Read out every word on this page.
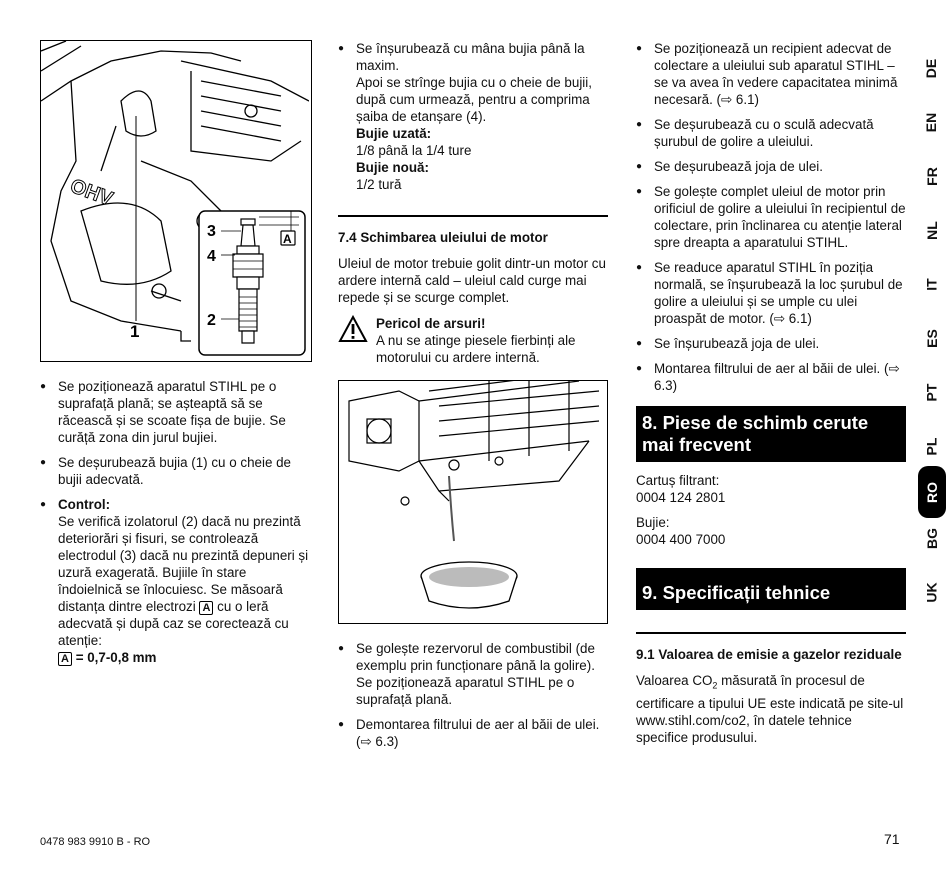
OHV
1
3
4
2
A
● Se poziționează aparatul STIHL pe o suprafață plană; se așteaptă să se răcească și se scoate fișa de bujie. Se curăță zona din jurul bujiei.
● Se deșurubează bujia (1) cu o cheie de bujii adecvată.
● Control:
Se verifică izolatorul (2) dacă nu prezintă deteriorări și fisuri, se controlează electrodul (3) dacă nu prezintă depuneri și uzură exagerată. Bujiile în stare îndoielnică se înlocuiesc. Se măsoară distanța dintre electrozi A cu o leră adecvată și după caz se corectează cu atenție:
A = 0,7-0,8 mm
● Se înșurubează cu mâna bujia până la maxim.
Apoi se strînge bujia cu o cheie de bujii, după cum urmează, pentru a comprima șaiba de etanșare (4).
Bujie uzată:
1/8 până la 1/4 ture
Bujie nouă:
1/2 tură
7.4 Schimbarea uleiului de motor

Uleiul de motor trebuie golit dintr-un motor cu ardere internă cald – uleiul cald curge mai repede și se scurge complet.

Pericol de arsuri!
A nu se atinge piesele fierbinți ale motorului cu ardere internă.
● Se golește rezervorul de combustibil (de exemplu prin funcționare până la golire). Se poziționează aparatul STIHL pe o suprafață plană.
● Demontarea filtrului de aer al băii de ulei. (⇨ 6.3)
● Se poziționează un recipient adecvat de colectare a uleiului sub aparatul STIHL – se va avea în vedere capacitatea minimă necesară. (⇨ 6.1)
● Se deșurubează cu o sculă adecvată șurubul de golire a uleiului.
● Se deșurubează joja de ulei.
● Se golește complet uleiul de motor prin orificiul de golire a uleiului în recipientul de colectare, prin înclinarea cu atenție lateral spre dreapta a aparatului STIHL.
● Se readuce aparatul STIHL în poziția normală, se înșurubează la loc șurubul de golire a uleiului și se umple cu ulei proaspăt de motor. (⇨ 6.1)
● Se înșurubează joja de ulei.
● Montarea filtrului de aer al băii de ulei. (⇨ 6.3)
8. Piese de schimb cerute mai frecvent
Cartuș filtrant:
0004 124 2801
Bujie:
0004 400 7000
9. Specificații tehnice
9.1 Valoarea de emisie a gazelor reziduale

Valoarea $CO_2$ măsurată în procesul de certificare a tipului UE este indicată pe site-ul www.stihl.com/co2, în datele tehnice specifice produsului.

DE
EN
FR
NL
IT
ES
PT
PL
RO
BG
UK
0478 983 9910 B - RO	71
